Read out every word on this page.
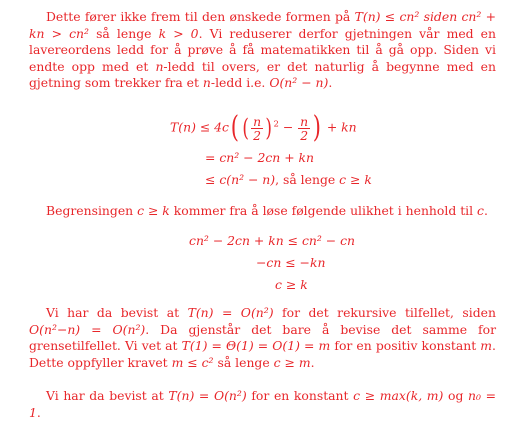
Dette fører ikke frem til den ønskede formen på T(n) ≤ cn² siden cn² + kn > cn² så lenge k > 0. Vi reduserer derfor gjetningen vår med en lavereordens ledd for å prøve å få matematikken til å gå opp. Siden vi endte opp med et n-ledd til overs, er det naturlig å begynne med en gjetning som trekker fra et n-ledd i.e. O(n² − n).

T(n) ≤ 4c( ( $\frac{n}{2} )^2 - \frac{n}{2}$ ) + kn
= cn² − 2cn + kn
≤ c(n² − n), så lenge c ≥ k

Begrensingen c ≥ k kommer fra å løse følgende ulikhet i henhold til c.

cn² − 2cn + kn ≤ cn² − cn
−cn ≤ −kn
c ≥ k

Vi har da bevist at T(n) = O(n²) for det rekursive tilfellet, siden O(n²−n) = O(n²). Da gjenstår det bare å bevise det samme for grensetilfellet. Vi vet at T(1) = Θ(1) = O(1) = m for en positiv konstant m. Dette oppfyller kravet m ≤ c² så lenge c ≥ m.

Vi har da bevist at T(n) = O(n²) for en konstant c ≥ max(k, m) og n₀ = 1.
